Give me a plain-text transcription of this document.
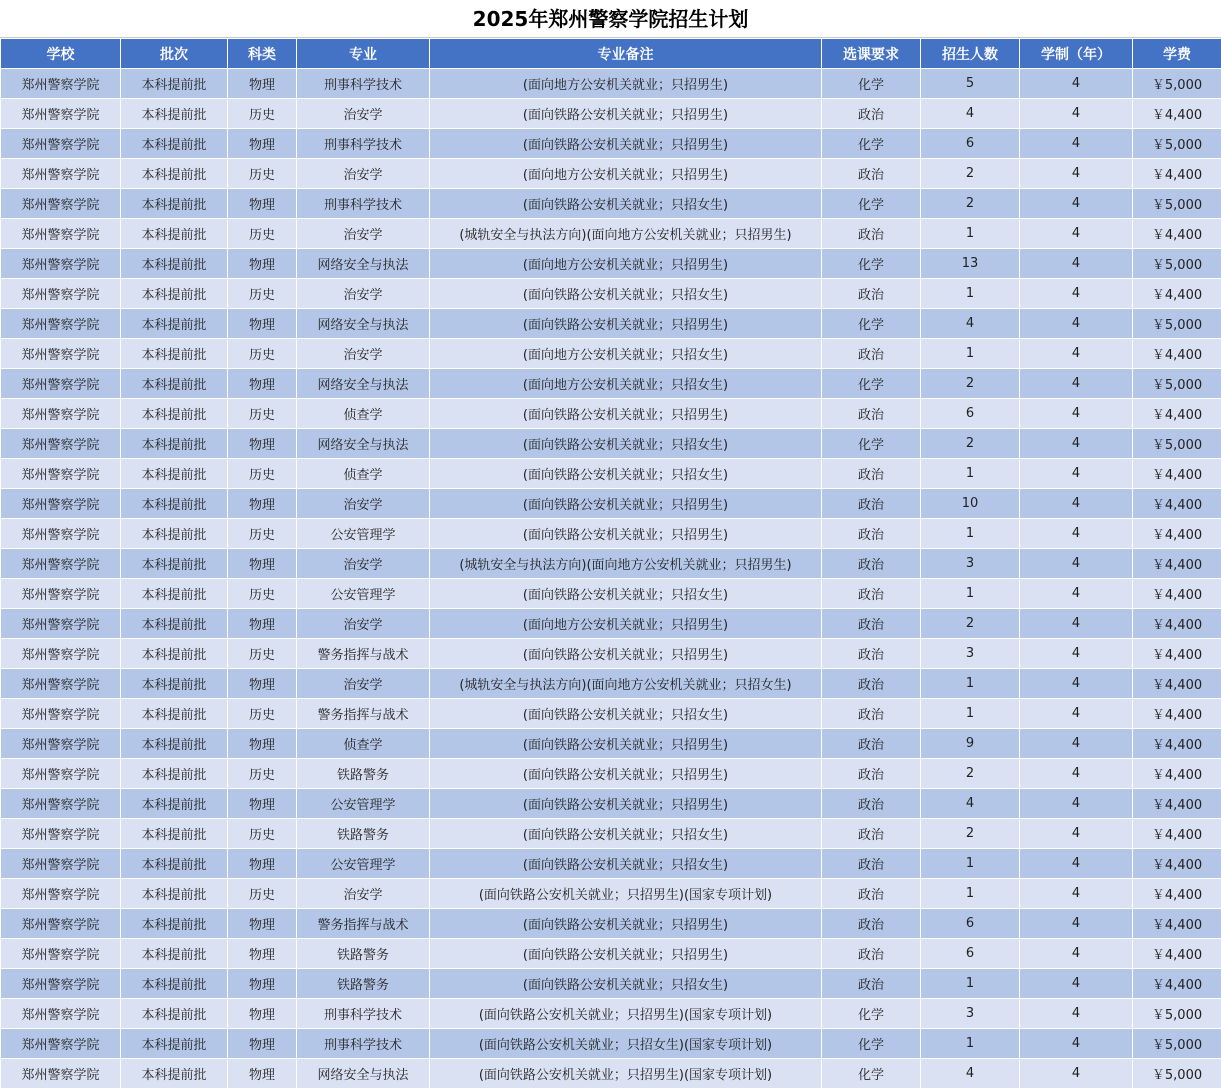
2025年郑州警察学院招生计划
学校	批次	科类	专业	专业备注	选课要求	招生人数	学制（年）	学费
郑州警察学院	本科提前批	物理	刑事科学技术	(面向地方公安机关就业；只招男生)	化学	5	4	￥5,000
郑州警察学院	本科提前批	历史	治安学	(面向铁路公安机关就业；只招男生)	政治	4	4	￥4,400
郑州警察学院	本科提前批	物理	刑事科学技术	(面向铁路公安机关就业；只招男生)	化学	6	4	￥5,000
郑州警察学院	本科提前批	历史	治安学	(面向地方公安机关就业；只招男生)	政治	2	4	￥4,400
郑州警察学院	本科提前批	物理	刑事科学技术	(面向铁路公安机关就业；只招女生)	化学	2	4	￥5,000
郑州警察学院	本科提前批	历史	治安学	(城轨安全与执法方向)(面向地方公安机关就业；只招男生)	政治	1	4	￥4,400
郑州警察学院	本科提前批	物理	网络安全与执法	(面向地方公安机关就业；只招男生)	化学	13	4	￥5,000
郑州警察学院	本科提前批	历史	治安学	(面向铁路公安机关就业；只招女生)	政治	1	4	￥4,400
郑州警察学院	本科提前批	物理	网络安全与执法	(面向铁路公安机关就业；只招男生)	化学	4	4	￥5,000
郑州警察学院	本科提前批	历史	治安学	(面向地方公安机关就业；只招女生)	政治	1	4	￥4,400
郑州警察学院	本科提前批	物理	网络安全与执法	(面向地方公安机关就业；只招女生)	化学	2	4	￥5,000
郑州警察学院	本科提前批	历史	侦查学	(面向铁路公安机关就业；只招男生)	政治	6	4	￥4,400
郑州警察学院	本科提前批	物理	网络安全与执法	(面向铁路公安机关就业；只招女生)	化学	2	4	￥5,000
郑州警察学院	本科提前批	历史	侦查学	(面向铁路公安机关就业；只招女生)	政治	1	4	￥4,400
郑州警察学院	本科提前批	物理	治安学	(面向铁路公安机关就业；只招男生)	政治	10	4	￥4,400
郑州警察学院	本科提前批	历史	公安管理学	(面向铁路公安机关就业；只招男生)	政治	1	4	￥4,400
郑州警察学院	本科提前批	物理	治安学	(城轨安全与执法方向)(面向地方公安机关就业；只招男生)	政治	3	4	￥4,400
郑州警察学院	本科提前批	历史	公安管理学	(面向铁路公安机关就业；只招女生)	政治	1	4	￥4,400
郑州警察学院	本科提前批	物理	治安学	(面向地方公安机关就业；只招男生)	政治	2	4	￥4,400
郑州警察学院	本科提前批	历史	警务指挥与战术	(面向铁路公安机关就业；只招男生)	政治	3	4	￥4,400
郑州警察学院	本科提前批	物理	治安学	(城轨安全与执法方向)(面向地方公安机关就业；只招女生)	政治	1	4	￥4,400
郑州警察学院	本科提前批	历史	警务指挥与战术	(面向铁路公安机关就业；只招女生)	政治	1	4	￥4,400
郑州警察学院	本科提前批	物理	侦查学	(面向铁路公安机关就业；只招男生)	政治	9	4	￥4,400
郑州警察学院	本科提前批	历史	铁路警务	(面向铁路公安机关就业；只招男生)	政治	2	4	￥4,400
郑州警察学院	本科提前批	物理	公安管理学	(面向铁路公安机关就业；只招男生)	政治	4	4	￥4,400
郑州警察学院	本科提前批	历史	铁路警务	(面向铁路公安机关就业；只招女生)	政治	2	4	￥4,400
郑州警察学院	本科提前批	物理	公安管理学	(面向铁路公安机关就业；只招女生)	政治	1	4	￥4,400
郑州警察学院	本科提前批	历史	治安学	(面向铁路公安机关就业；只招男生)(国家专项计划)	政治	1	4	￥4,400
郑州警察学院	本科提前批	物理	警务指挥与战术	(面向铁路公安机关就业；只招男生)	政治	6	4	￥4,400
郑州警察学院	本科提前批	物理	铁路警务	(面向铁路公安机关就业；只招男生)	政治	6	4	￥4,400
郑州警察学院	本科提前批	物理	铁路警务	(面向铁路公安机关就业；只招女生)	政治	1	4	￥4,400
郑州警察学院	本科提前批	物理	刑事科学技术	(面向铁路公安机关就业；只招男生)(国家专项计划)	化学	3	4	￥5,000
郑州警察学院	本科提前批	物理	刑事科学技术	(面向铁路公安机关就业；只招女生)(国家专项计划)	化学	1	4	￥5,000
郑州警察学院	本科提前批	物理	网络安全与执法	(面向铁路公安机关就业；只招男生)(国家专项计划)	化学	4	4	￥5,000
